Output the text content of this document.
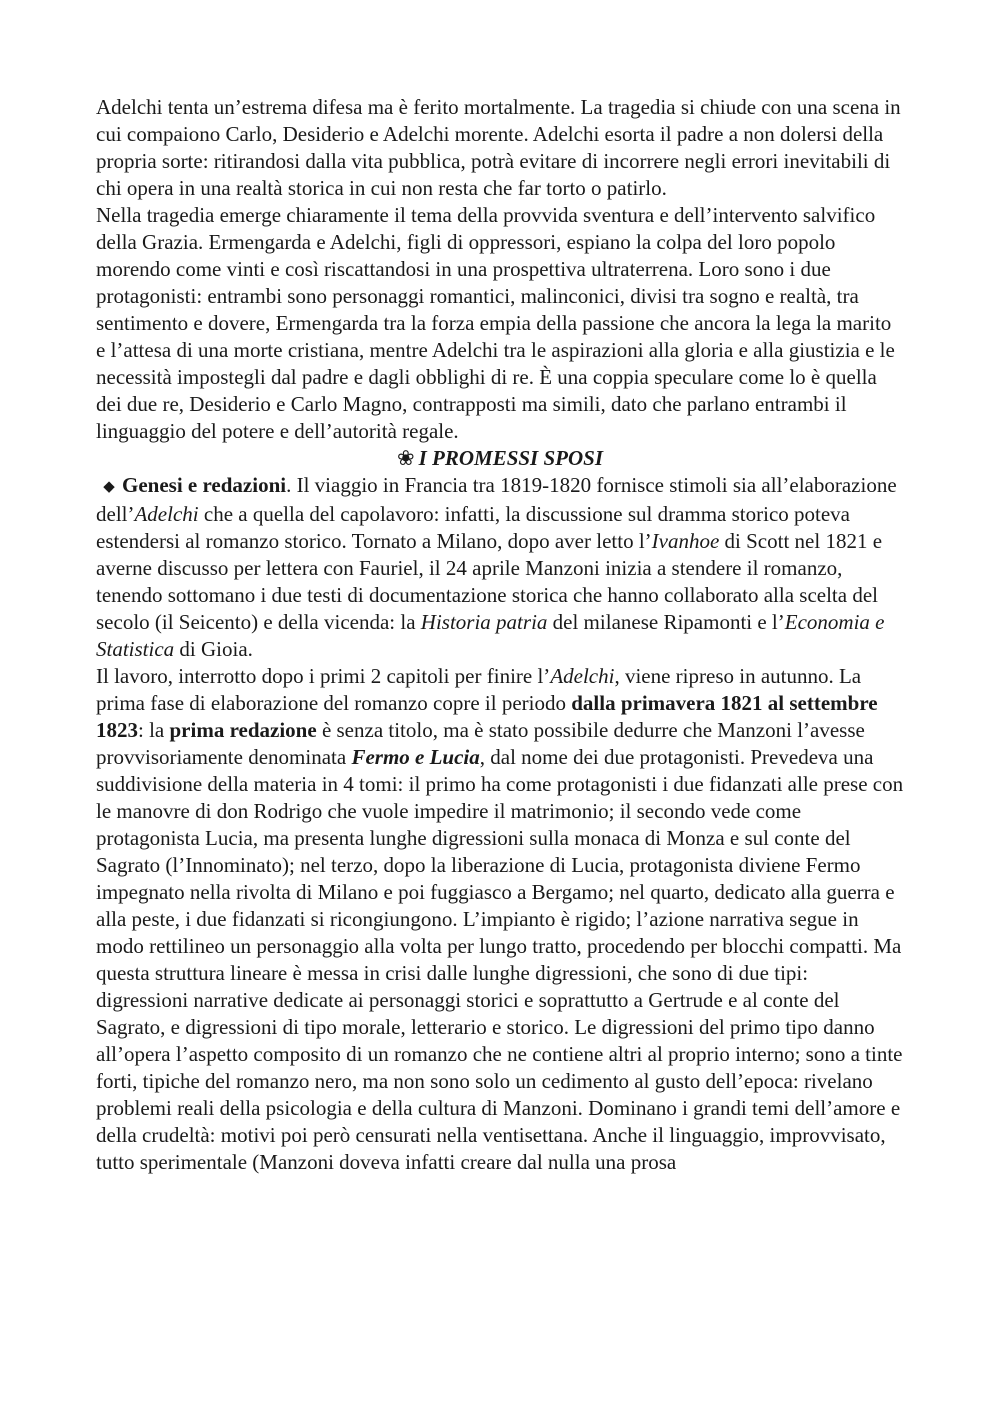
Adelchi tenta un’estrema difesa ma è ferito mortalmente. La tragedia si chiude con una scena in cui compaiono Carlo, Desiderio e Adelchi morente. Adelchi esorta il padre a non dolersi della propria sorte: ritirandosi dalla vita pubblica, potrà evitare di incorrere negli errori inevitabili di chi opera in una realtà storica in cui non resta che far torto o patirlo.

Nella tragedia emerge chiaramente il tema della provvida sventura e dell’intervento salvifico della Grazia. Ermengarda e Adelchi, figli di oppressori, espiano la colpa del loro popolo morendo come vinti e così riscattandosi in una prospettiva ultraterrena. Loro sono i due protagonisti: entrambi sono personaggi romantici, malinconici, divisi tra sogno e realtà, tra sentimento e dovere, Ermengarda tra la forza empia della passione che ancora la lega la marito e l’attesa di una morte cristiana, mentre Adelchi tra le aspirazioni alla gloria e alla giustizia e le necessità impostegli dal padre e dagli obblighi di re. È una coppia speculare come lo è quella dei due re, Desiderio e Carlo Magno, contrapposti ma simili, dato che parlano entrambi il linguaggio del potere e dell’autorità regale.

❀ I PROMESSI SPOSI

◆ Genesi e redazioni. Il viaggio in Francia tra 1819-1820 fornisce stimoli sia all’elaborazione dell’Adelchi che a quella del capolavoro: infatti, la discussione sul dramma storico poteva estendersi al romanzo storico. Tornato a Milano, dopo aver letto l’Ivanhoe di Scott nel 1821 e averne discusso per lettera con Fauriel, il 24 aprile Manzoni inizia a stendere il romanzo, tenendo sottomano i due testi di documentazione storica che hanno collaborato alla scelta del secolo (il Seicento) e della vicenda: la Historia patria del milanese Ripamonti e l’Economia e Statistica di Gioia.

Il lavoro, interrotto dopo i primi 2 capitoli per finire l’Adelchi, viene ripreso in autunno. La prima fase di elaborazione del romanzo copre il periodo dalla primavera 1821 al settembre 1823: la prima redazione è senza titolo, ma è stato possibile dedurre che Manzoni l’avesse provvisoriamente denominata Fermo e Lucia, dal nome dei due protagonisti. Prevedeva una suddivisione della materia in 4 tomi: il primo ha come protagonisti i due fidanzati alle prese con le manovre di don Rodrigo che vuole impedire il matrimonio; il secondo vede come protagonista Lucia, ma presenta lunghe digressioni sulla monaca di Monza e sul conte del Sagrato (l’Innominato); nel terzo, dopo la liberazione di Lucia, protagonista diviene Fermo impegnato nella rivolta di Milano e poi fuggiasco a Bergamo; nel quarto, dedicato alla guerra e alla peste, i due fidanzati si ricongiungono. L’impianto è rigido; l’azione narrativa segue in modo rettilineo un personaggio alla volta per lungo tratto, procedendo per blocchi compatti. Ma questa struttura lineare è messa in crisi dalle lunghe digressioni, che sono di due tipi: digressioni narrative dedicate ai personaggi storici e soprattutto a Gertrude e al conte del Sagrato, e digressioni di tipo morale, letterario e storico. Le digressioni del primo tipo danno all’opera l’aspetto composito di un romanzo che ne contiene altri al proprio interno; sono a tinte forti, tipiche del romanzo nero, ma non sono solo un cedimento al gusto dell’epoca: rivelano problemi reali della psicologia e della cultura di Manzoni. Dominano i grandi temi dell’amore e della crudeltà: motivi poi però censurati nella ventisettana. Anche il linguaggio, improvvisato, tutto sperimentale (Manzoni doveva infatti creare dal nulla una prosa
